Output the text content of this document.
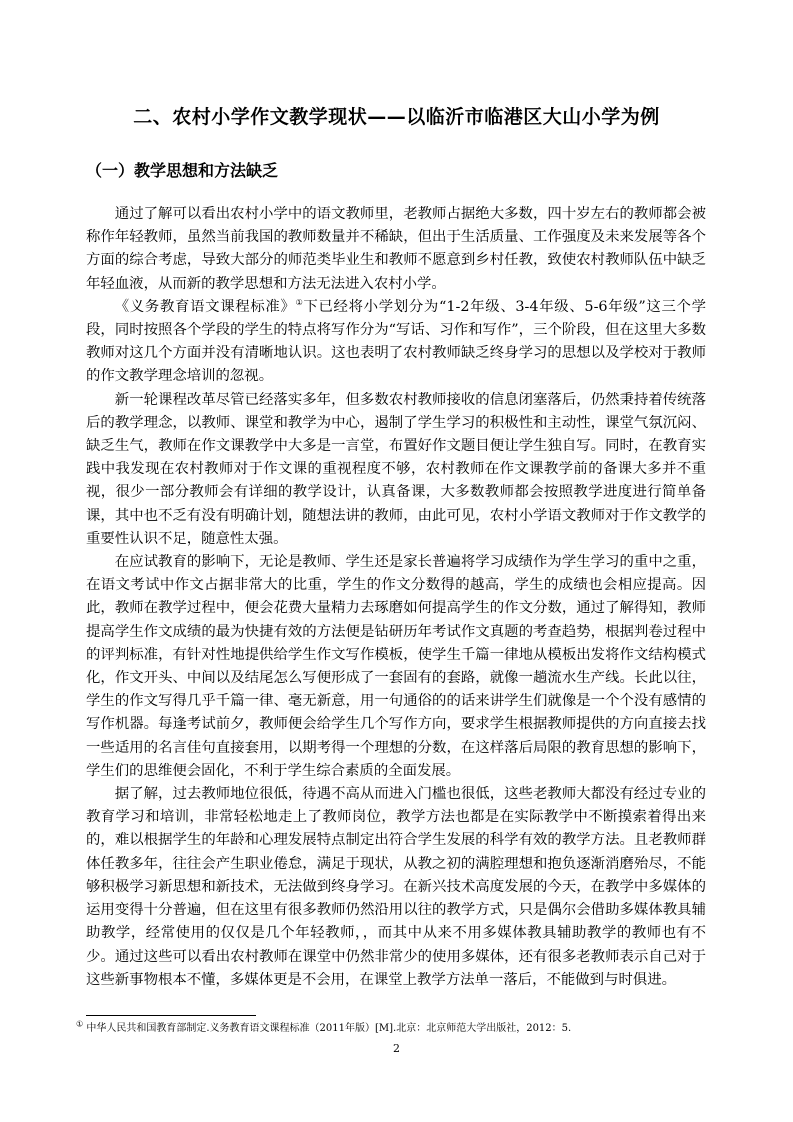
二、农村小学作文教学现状——以临沂市临港区大山小学为例
（一）教学思想和方法缺乏

通过了解可以看出农村小学中的语文教师里，老教师占据绝大多数，四十岁左右的教师都会被称作年轻教师，虽然当前我国的教师数量并不稀缺，但出于生活质量、工作强度及未来发展等各个方面的综合考虑，导致大部分的师范类毕业生和教师不愿意到乡村任教，致使农村教师队伍中缺乏年轻血液，从而新的教学思想和方法无法进入农村小学。

《义务教育语文课程标准》①下已经将小学划分为“1-2年级、3-4年级、5-6年级”这三个学段，同时按照各个学段的学生的特点将写作分为“写话、习作和写作”，三个阶段，但在这里大多数教师对这几个方面并没有清晰地认识。这也表明了农村教师缺乏终身学习的思想以及学校对于教师的作文教学理念培训的忽视。

新一轮课程改革尽管已经落实多年，但多数农村教师接收的信息闭塞落后，仍然秉持着传统落后的教学理念，以教师、课堂和教学为中心，遏制了学生学习的积极性和主动性，课堂气氛沉闷、缺乏生气，教师在作文课教学中大多是一言堂，布置好作文题目便让学生独自写。同时，在教育实践中我发现在农村教师对于作文课的重视程度不够，农村教师在作文课教学前的备课大多并不重视，很少一部分教师会有详细的教学设计，认真备课，大多数教师都会按照教学进度进行简单备课，其中也不乏有没有明确计划，随想法讲的教师，由此可见，农村小学语文教师对于作文教学的重要性认识不足，随意性太强。

在应试教育的影响下，无论是教师、学生还是家长普遍将学习成绩作为学生学习的重中之重，在语文考试中作文占据非常大的比重，学生的作文分数得的越高，学生的成绩也会相应提高。因此，教师在教学过程中，便会花费大量精力去琢磨如何提高学生的作文分数，通过了解得知，教师提高学生作文成绩的最为快捷有效的方法便是钻研历年考试作文真题的考查趋势，根据判卷过程中的评判标准，有针对性地提供给学生作文写作模板，使学生千篇一律地从模板出发将作文结构模式化，作文开头、中间以及结尾怎么写便形成了一套固有的套路，就像一趟流水生产线。长此以往，学生的作文写得几乎千篇一律、毫无新意，用一句通俗的的话来讲学生们就像是一个个没有感情的写作机器。每逢考试前夕，教师便会给学生几个写作方向，要求学生根据教师提供的方向直接去找一些适用的名言佳句直接套用，以期考得一个理想的分数，在这样落后局限的教育思想的影响下，学生们的思维便会固化，不利于学生综合素质的全面发展。

据了解，过去教师地位很低，待遇不高从而进入门槛也很低，这些老教师大都没有经过专业的教育学习和培训，非常轻松地走上了教师岗位，教学方法也都是在实际教学中不断摸索着得出来的，难以根据学生的年龄和心理发展特点制定出符合学生发展的科学有效的教学方法。且老教师群体任教多年，往往会产生职业倦怠，满足于现状，从教之初的满腔理想和抱负逐渐消磨殆尽，不能够积极学习新思想和新技术，无法做到终身学习。在新兴技术高度发展的今天，在教学中多媒体的运用变得十分普遍，但在这里有很多教师仍然沿用以往的教学方式，只是偶尔会借助多媒体教具辅助教学，经常使用的仅仅是几个年轻教师，，而其中从来不用多媒体教具辅助教学的教师也有不少。通过这些可以看出农村教师在课堂中仍然非常少的使用多媒体，还有很多老教师表示自己对于这些新事物根本不懂，多媒体更是不会用，在课堂上教学方法单一落后，不能做到与时俱进。

① 中华人民共和国教育部制定.义务教育语文课程标准（2011年版）[M].北京：北京师范大学出版社，2012：5.
2
